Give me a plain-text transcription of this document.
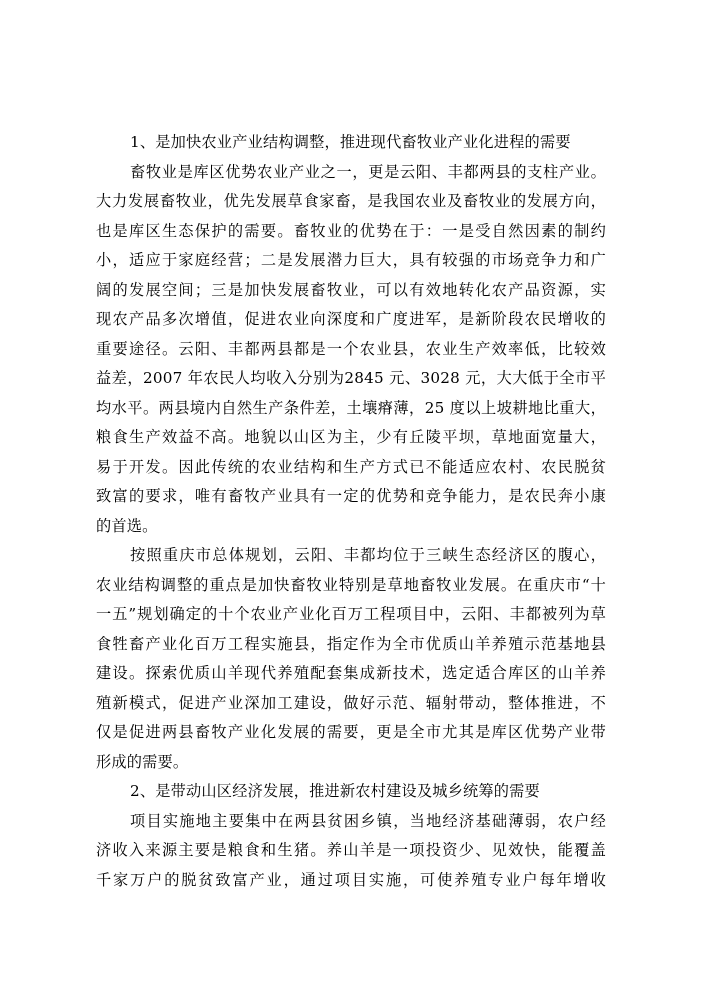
1、是加快农业产业结构调整，推进现代畜牧业产业化进程的需要
畜牧业是库区优势农业产业之一，更是云阳、丰都两县的支柱产业。
大力发展畜牧业，优先发展草食家畜，是我国农业及畜牧业的发展方向，
也是库区生态保护的需要。畜牧业的优势在于：一是受自然因素的制约
小，适应于家庭经营；二是发展潜力巨大，具有较强的市场竞争力和广
阔的发展空间；三是加快发展畜牧业，可以有效地转化农产品资源，实
现农产品多次增值，促进农业向深度和广度进军，是新阶段农民增收的
重要途径。云阳、丰都两县都是一个农业县，农业生产效率低，比较效
益差，2007 年农民人均收入分别为2845 元、3028 元，大大低于全市平
均水平。两县境内自然生产条件差，土壤瘠薄，25 度以上坡耕地比重大，
粮食生产效益不高。地貌以山区为主，少有丘陵平坝，草地面宽量大，
易于开发。因此传统的农业结构和生产方式已不能适应农村、农民脱贫
致富的要求，唯有畜牧产业具有一定的优势和竞争能力，是农民奔小康
的首选。
按照重庆市总体规划，云阳、丰都均位于三峡生态经济区的腹心，
农业结构调整的重点是加快畜牧业特别是草地畜牧业发展。在重庆市“十
一五”规划确定的十个农业产业化百万工程项目中，云阳、丰都被列为草
食牲畜产业化百万工程实施县，指定作为全市优质山羊养殖示范基地县
建设。探索优质山羊现代养殖配套集成新技术，选定适合库区的山羊养
殖新模式，促进产业深加工建设，做好示范、辐射带动，整体推进，不
仅是促进两县畜牧产业化发展的需要，更是全市尤其是库区优势产业带
形成的需要。
2、是带动山区经济发展，推进新农村建设及城乡统筹的需要
项目实施地主要集中在两县贫困乡镇，当地经济基础薄弱，农户经
济收入来源主要是粮食和生猪。养山羊是一项投资少、见效快，能覆盖
千家万户的脱贫致富产业，通过项目实施，可使养殖专业户每年增收
